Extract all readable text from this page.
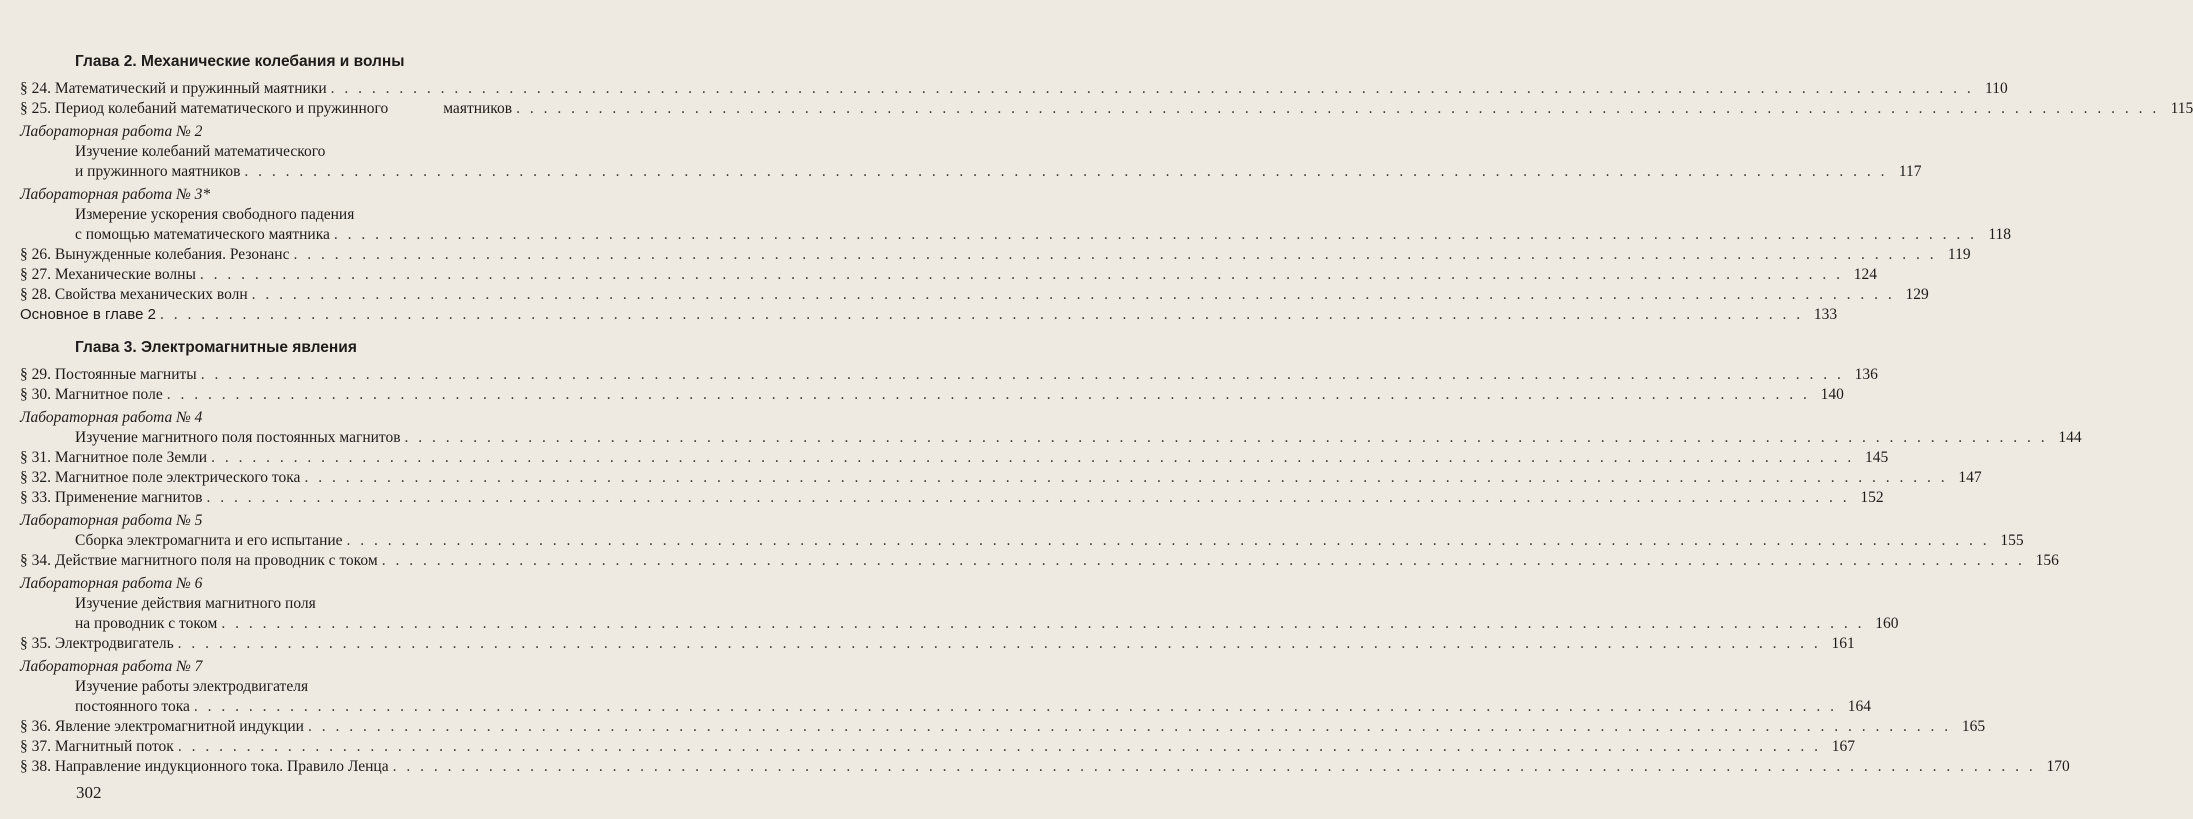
Глава 2. Механические колебания и волны
§ 24. Математический и пружинный маятники . . . . . . . . . . . . . . . . . . . . . . . . . . . . . . . . . . . . . . . . . . . . . . . . . . . . . . . . . . . . . . . . . . . . . . . . . . . . . . . . . . . . . . . . . . . . . . . . . . . . . . . . . . . . . . . . . . . . . . . . 110
§ 25. Период колебаний математического и пружинного	маятников . . . . . . . . . . . . . . . . . . . . . . . . . . . . . . . . . . . . . . . . . . . . . . . . . . . . . . . . . . . . . . . . . . . . . . . . . . . . . . . . . . . . . . . . . . . . . . . . . . . . . . . . . . . . . . . . . . . . . . . . 115
Лабораторная работа № 2
Изучение колебаний математического
и пружинного маятников . . . . . . . . . . . . . . . . . . . . . . . . . . . . . . . . . . . . . . . . . . . . . . . . . . . . . . . . . . . . . . . . . . . . . . . . . . . . . . . . . . . . . . . . . . . . . . . . . . . . . . . . . . . . . . . . . . . . . . . . 117
Лабораторная работа № 3*
Измерение ускорения свободного падения
с помощью математического маятника . . . . . . . . . . . . . . . . . . . . . . . . . . . . . . . . . . . . . . . . . . . . . . . . . . . . . . . . . . . . . . . . . . . . . . . . . . . . . . . . . . . . . . . . . . . . . . . . . . . . . . . . . . . . . . . . . . . . . . . . 118
§ 26. Вынужденные колебания. Резонанс . . . . . . . . . . . . . . . . . . . . . . . . . . . . . . . . . . . . . . . . . . . . . . . . . . . . . . . . . . . . . . . . . . . . . . . . . . . . . . . . . . . . . . . . . . . . . . . . . . . . . . . . . . . . . . . . . . . . . . . . 119
§ 27. Механические волны . . . . . . . . . . . . . . . . . . . . . . . . . . . . . . . . . . . . . . . . . . . . . . . . . . . . . . . . . . . . . . . . . . . . . . . . . . . . . . . . . . . . . . . . . . . . . . . . . . . . . . . . . . . . . . . . . . . . . . . . 124
§ 28. Свойства механических волн . . . . . . . . . . . . . . . . . . . . . . . . . . . . . . . . . . . . . . . . . . . . . . . . . . . . . . . . . . . . . . . . . . . . . . . . . . . . . . . . . . . . . . . . . . . . . . . . . . . . . . . . . . . . . . . . . . . . . . . . 129
Основное в главе 2 . . . . . . . . . . . . . . . . . . . . . . . . . . . . . . . . . . . . . . . . . . . . . . . . . . . . . . . . . . . . . . . . . . . . . . . . . . . . . . . . . . . . . . . . . . . . . . . . . . . . . . . . . . . . . . . . . . . . . . . . 133
Глава 3. Электромагнитные явления
§ 29. Постоянные магниты . . . . . . . . . . . . . . . . . . . . . . . . . . . . . . . . . . . . . . . . . . . . . . . . . . . . . . . . . . . . . . . . . . . . . . . . . . . . . . . . . . . . . . . . . . . . . . . . . . . . . . . . . . . . . . . . . . . . . . . . 136
§ 30. Магнитное поле . . . . . . . . . . . . . . . . . . . . . . . . . . . . . . . . . . . . . . . . . . . . . . . . . . . . . . . . . . . . . . . . . . . . . . . . . . . . . . . . . . . . . . . . . . . . . . . . . . . . . . . . . . . . . . . . . . . . . . . . 140
Лабораторная работа № 4
Изучение магнитного поля постоянных магнитов . . . . . . . . . . . . . . . . . . . . . . . . . . . . . . . . . . . . . . . . . . . . . . . . . . . . . . . . . . . . . . . . . . . . . . . . . . . . . . . . . . . . . . . . . . . . . . . . . . . . . . . . . . . . . . . . . . . . . . . . 144
§ 31. Магнитное поле Земли . . . . . . . . . . . . . . . . . . . . . . . . . . . . . . . . . . . . . . . . . . . . . . . . . . . . . . . . . . . . . . . . . . . . . . . . . . . . . . . . . . . . . . . . . . . . . . . . . . . . . . . . . . . . . . . . . . . . . . . . 145
§ 32. Магнитное поле электрического тока . . . . . . . . . . . . . . . . . . . . . . . . . . . . . . . . . . . . . . . . . . . . . . . . . . . . . . . . . . . . . . . . . . . . . . . . . . . . . . . . . . . . . . . . . . . . . . . . . . . . . . . . . . . . . . . . . . . . . . . . 147
§ 33. Применение магнитов . . . . . . . . . . . . . . . . . . . . . . . . . . . . . . . . . . . . . . . . . . . . . . . . . . . . . . . . . . . . . . . . . . . . . . . . . . . . . . . . . . . . . . . . . . . . . . . . . . . . . . . . . . . . . . . . . . . . . . . . 152
Лабораторная работа № 5
Сборка электромагнита и его испытание . . . . . . . . . . . . . . . . . . . . . . . . . . . . . . . . . . . . . . . . . . . . . . . . . . . . . . . . . . . . . . . . . . . . . . . . . . . . . . . . . . . . . . . . . . . . . . . . . . . . . . . . . . . . . . . . . . . . . . . . 155
§ 34. Действие магнитного поля на проводник с током . . . . . . . . . . . . . . . . . . . . . . . . . . . . . . . . . . . . . . . . . . . . . . . . . . . . . . . . . . . . . . . . . . . . . . . . . . . . . . . . . . . . . . . . . . . . . . . . . . . . . . . . . . . . . . . . . . . . . . . . 156
Лабораторная работа № 6
Изучение действия магнитного поля
на проводник с током . . . . . . . . . . . . . . . . . . . . . . . . . . . . . . . . . . . . . . . . . . . . . . . . . . . . . . . . . . . . . . . . . . . . . . . . . . . . . . . . . . . . . . . . . . . . . . . . . . . . . . . . . . . . . . . . . . . . . . . . 160
§ 35. Электродвигатель . . . . . . . . . . . . . . . . . . . . . . . . . . . . . . . . . . . . . . . . . . . . . . . . . . . . . . . . . . . . . . . . . . . . . . . . . . . . . . . . . . . . . . . . . . . . . . . . . . . . . . . . . . . . . . . . . . . . . . . . 161
Лабораторная работа № 7
Изучение работы электродвигателя
постоянного тока . . . . . . . . . . . . . . . . . . . . . . . . . . . . . . . . . . . . . . . . . . . . . . . . . . . . . . . . . . . . . . . . . . . . . . . . . . . . . . . . . . . . . . . . . . . . . . . . . . . . . . . . . . . . . . . . . . . . . . . . 164
§ 36. Явление электромагнитной индукции . . . . . . . . . . . . . . . . . . . . . . . . . . . . . . . . . . . . . . . . . . . . . . . . . . . . . . . . . . . . . . . . . . . . . . . . . . . . . . . . . . . . . . . . . . . . . . . . . . . . . . . . . . . . . . . . . . . . . . . . 165
§ 37. Магнитный поток . . . . . . . . . . . . . . . . . . . . . . . . . . . . . . . . . . . . . . . . . . . . . . . . . . . . . . . . . . . . . . . . . . . . . . . . . . . . . . . . . . . . . . . . . . . . . . . . . . . . . . . . . . . . . . . . . . . . . . . . 167
§ 38. Направление индукционного тока. Правило Ленца . . . . . . . . . . . . . . . . . . . . . . . . . . . . . . . . . . . . . . . . . . . . . . . . . . . . . . . . . . . . . . . . . . . . . . . . . . . . . . . . . . . . . . . . . . . . . . . . . . . . . . . . . . . . . . . . . . . . . . . . 170
302
